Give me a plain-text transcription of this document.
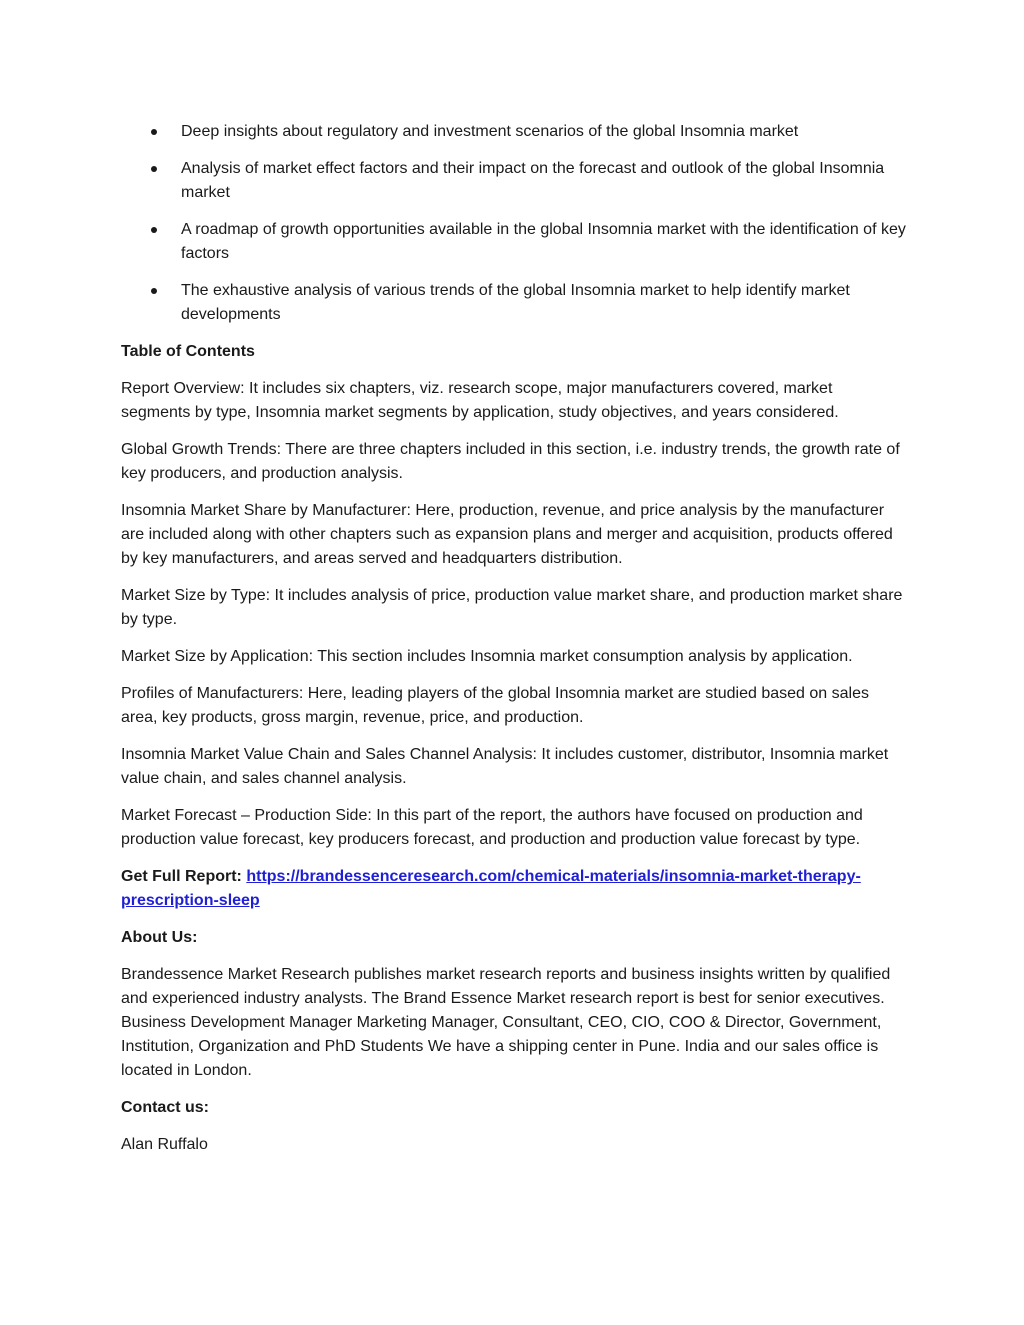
Deep insights about regulatory and investment scenarios of the global Insomnia market
Analysis of market effect factors and their impact on the forecast and outlook of the global Insomnia market
A roadmap of growth opportunities available in the global Insomnia market with the identification of key factors
The exhaustive analysis of various trends of the global Insomnia market to help identify market developments

Table of Contents

Report Overview: It includes six chapters, viz. research scope, major manufacturers covered, market segments by type, Insomnia market segments by application, study objectives, and years considered.

Global Growth Trends: There are three chapters included in this section, i.e. industry trends, the growth rate of key producers, and production analysis.

Insomnia Market Share by Manufacturer: Here, production, revenue, and price analysis by the manufacturer are included along with other chapters such as expansion plans and merger and acquisition, products offered by key manufacturers, and areas served and headquarters distribution.

Market Size by Type: It includes analysis of price, production value market share, and production market share by type.

Market Size by Application: This section includes Insomnia market consumption analysis by application.

Profiles of Manufacturers: Here, leading players of the global Insomnia market are studied based on sales area, key products, gross margin, revenue, price, and production.

Insomnia Market Value Chain and Sales Channel Analysis: It includes customer, distributor, Insomnia market value chain, and sales channel analysis.

Market Forecast – Production Side: In this part of the report, the authors have focused on production and production value forecast, key producers forecast, and production and production value forecast by type.

Get Full Report: https://brandessenceresearch.com/chemical-materials/insomnia-market-therapy-prescription-sleep

About Us:

Brandessence Market Research publishes market research reports and business insights written by qualified and experienced industry analysts. The Brand Essence Market research report is best for senior executives. Business Development Manager Marketing Manager, Consultant, CEO, CIO, COO & Director, Government, Institution, Organization and PhD Students We have a shipping center in Pune. India and our sales office is located in London.

Contact us:

Alan Ruffalo
